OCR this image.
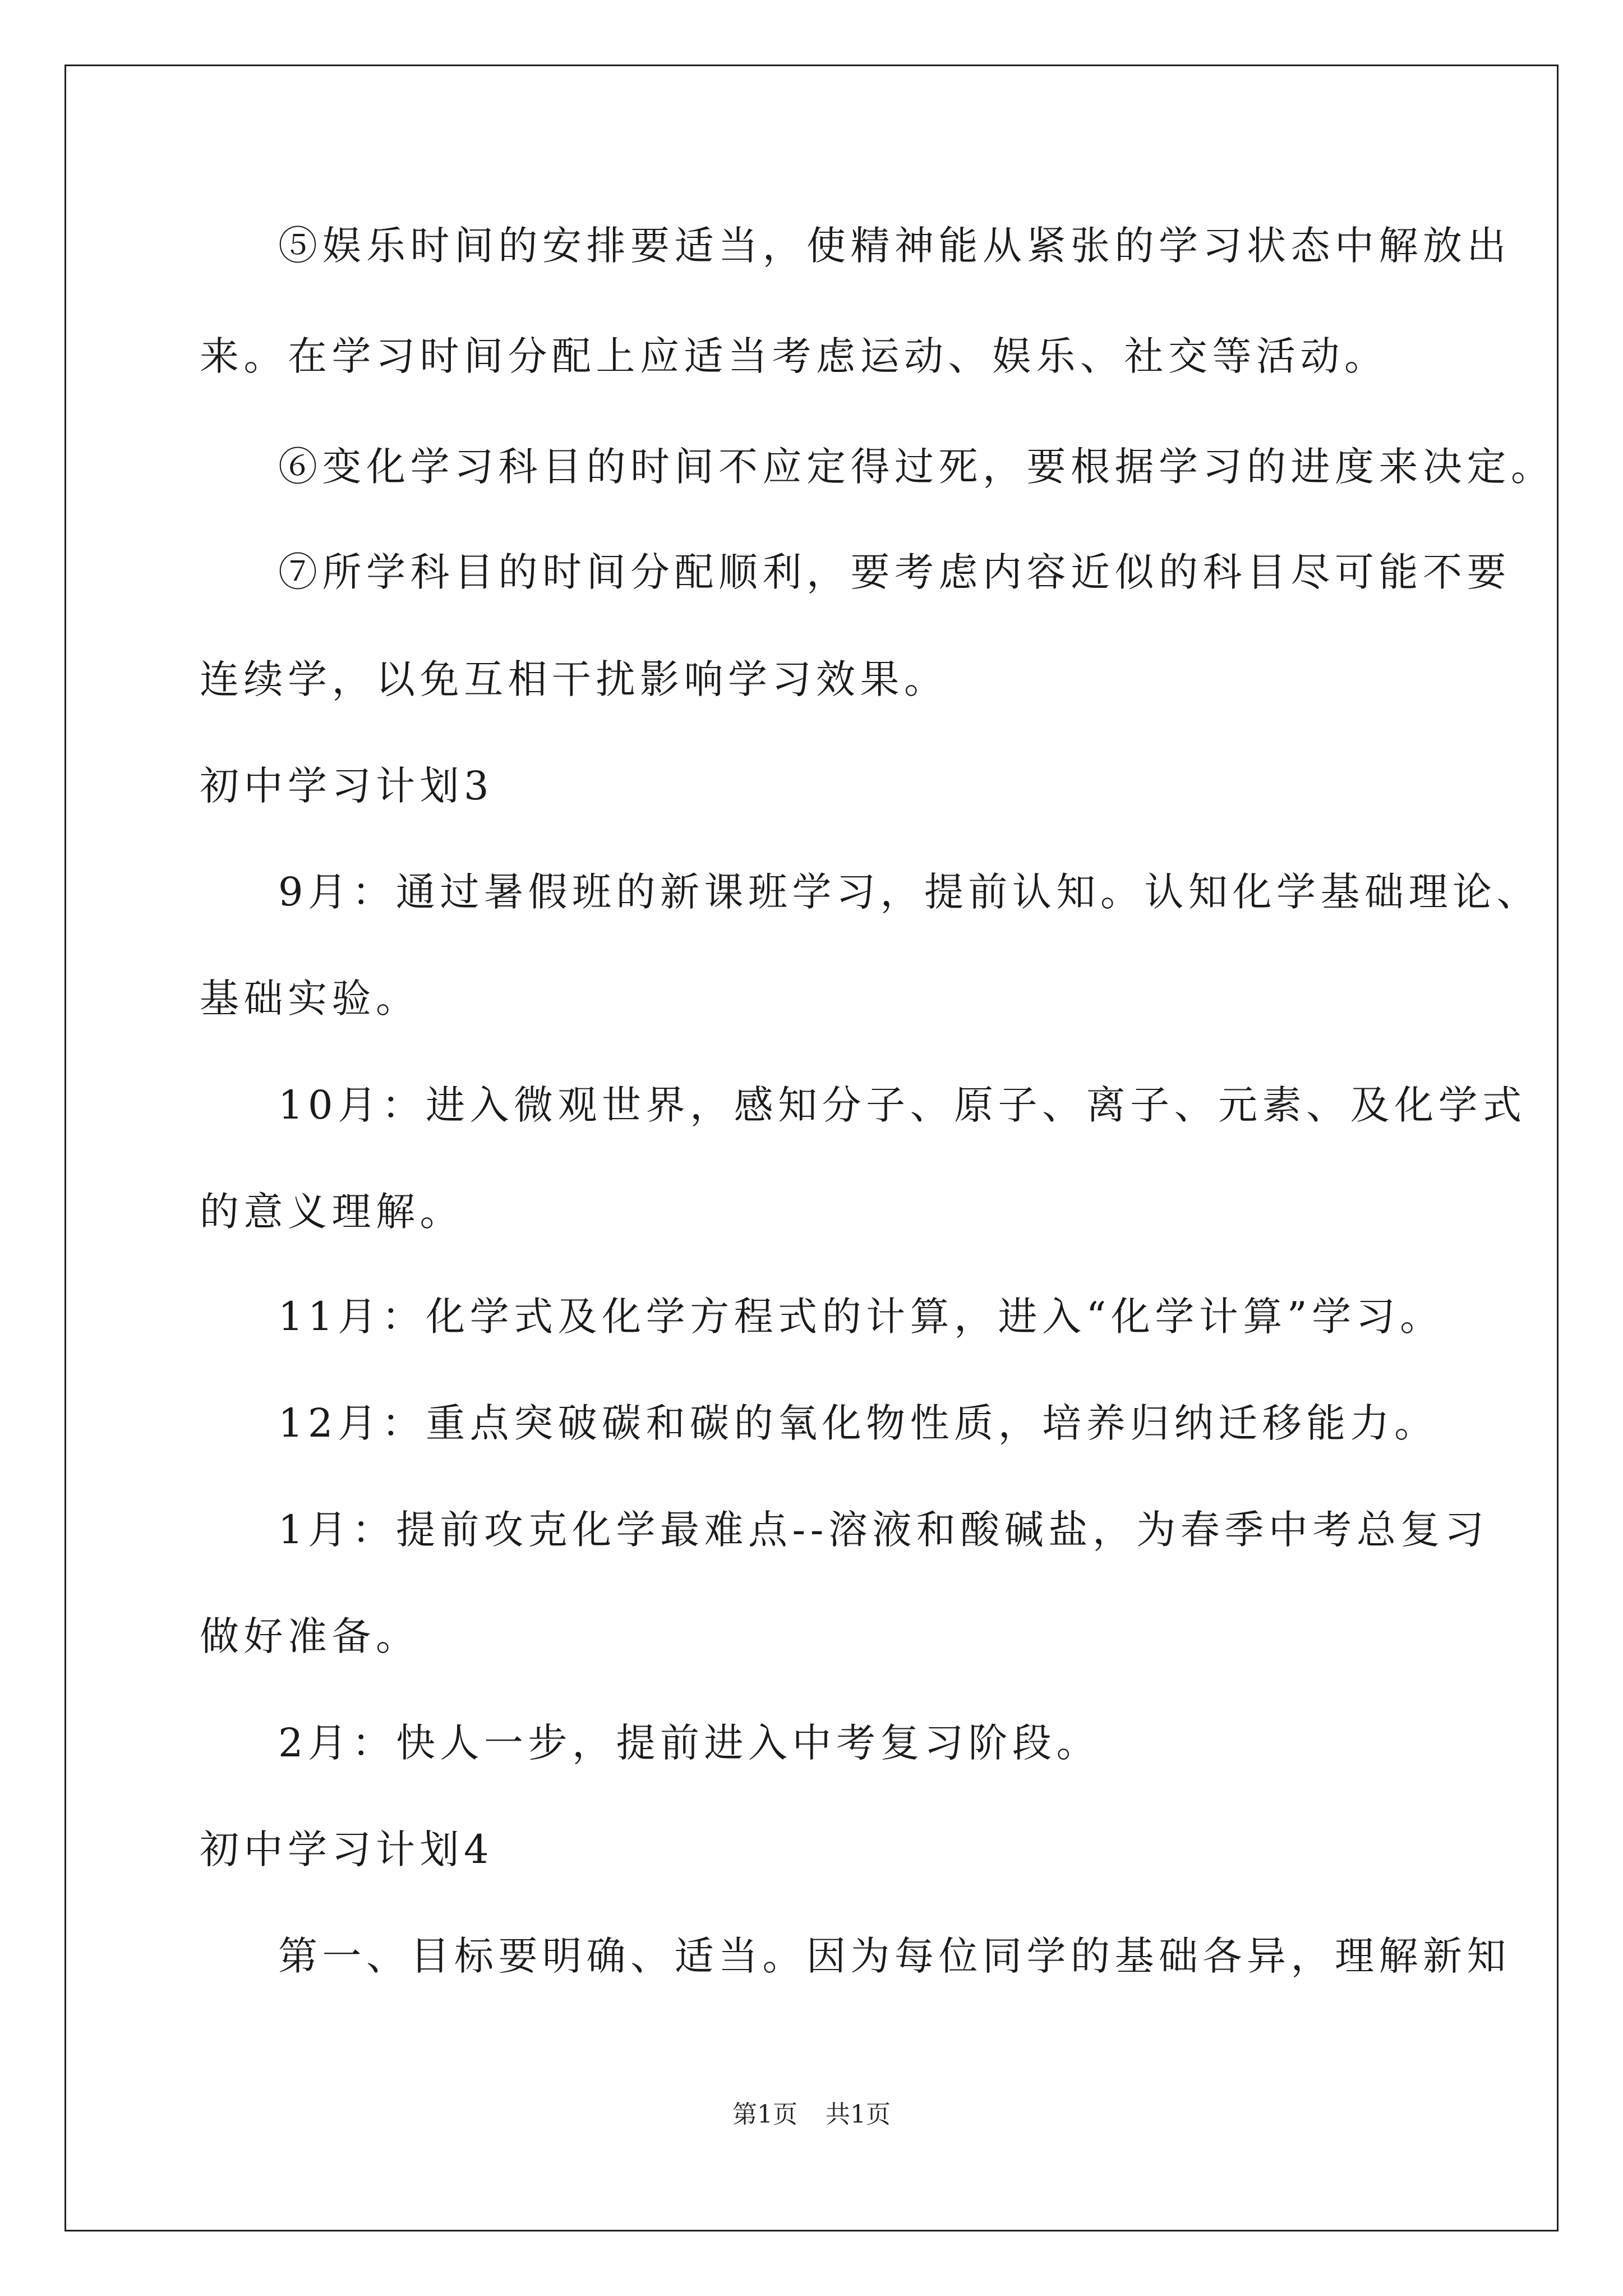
⑤娱乐时间的安排要适当，使精神能从紧张的学习状态中解放出
来。在学习时间分配上应适当考虑运动、娱乐、社交等活动。
⑥变化学习科目的时间不应定得过死，要根据学习的进度来决定。
⑦所学科目的时间分配顺利，要考虑内容近似的科目尽可能不要
连续学，以免互相干扰影响学习效果。
初中学习计划3
9月：通过暑假班的新课班学习，提前认知。认知化学基础理论、
基础实验。
10月：进入微观世界，感知分子、原子、离子、元素、及化学式
的意义理解。
11月：化学式及化学方程式的计算，进入“化学计算”学习。
12月：重点突破碳和碳的氧化物性质，培养归纳迁移能力。
1月：提前攻克化学最难点--溶液和酸碱盐，为春季中考总复习
做好准备。
2月：快人一步，提前进入中考复习阶段。
初中学习计划4
第一、目标要明确、适当。因为每位同学的基础各异，理解新知
第1页 共1页
